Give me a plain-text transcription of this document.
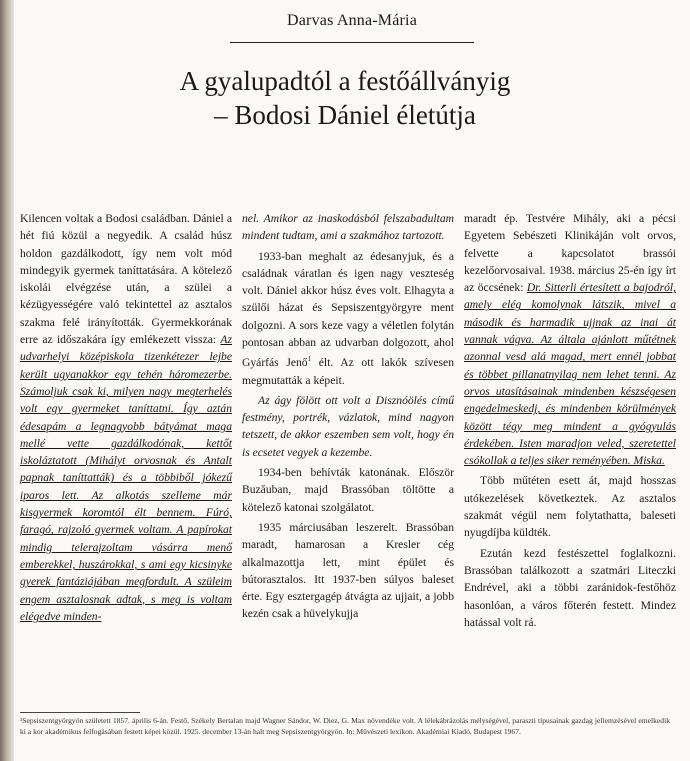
Darvas Anna-Mária
A gyalupadtól a festőállványig
– Bodosi Dániel életútja

Kilencen voltak a Bodosi családban. Dániel a hét fiú közül a negyedik. A család húsz holdon gazdálkodott, így nem volt mód mindegyik gyermek taníttatására. A kötelező iskolái elvégzése után, a szülei a kézügyességére való tekintettel az asztalos szakma felé irányították. Gyermekkorának erre az időszakára így emlékezett vissza: Az udvarhelyi középiskola tizenkétezer lejbe került ugyanakkor egy tehén háromezerbe. Számoljuk csak ki, milyen nagy megterhelés volt egy gyermeket taníttatni. Így aztán édesapám a legnagyobb bátyámat maga mellé vette gazdálkodónak, kettőt iskoláztatott (Mihályt orvosnak és Antalt papnak taníttatták) és a többiből jókezű iparos lett. Az alkotás szelleme már kisgyermek koromtól élt bennem. Fúró, faragó, rajzoló gyermek voltam. A papírokat mindig telerajzoltam vásárra menő emberekkel, huszárokkal, s ami egy kicsinyke gyerek fantáziájában megfordult. A szüleim engem asztalosnak adtak, s meg is voltam elégedve minden-

nel. Amikor az inaskodásból felszabadultam mindent tudtam, ami a szakmához tartozott.

1933-ban meghalt az édesanyjuk, és a családnak váratlan és igen nagy veszteség volt. Dániel akkor húsz éves volt. Elhagyta a szülői házat és Sepsiszentgyörgyre ment dolgozni. A sors keze vagy a véletlen folytán pontosan abban az udvarban dolgozott, ahol Gyárfás Jenő$^1$ élt. Az ott lakók szívesen megmutatták a képeit.

Az ágy fölött ott volt a Disznóölés című festmény, portrék, vázlatok, mind nagyon tetszett, de akkor eszemben sem volt, hogy én is ecsetet vegyek a kezembe.

1934-ben behívták katonának. Először Buzăuban, majd Brassóban töltötte a kötelező katonai szolgálatot.

1935 márciusában leszerelt. Brassóban maradt, hamarosan a Kresler cég alkalmazottja lett, mint épület és bútorasztalos. Itt 1937-ben súlyos baleset érte. Egy esztergagép átvágta az ujjait, a jobb kezén csak a hüvelykujja

maradt ép. Testvére Mihály, aki a pécsi Egyetem Sebészeti Klinikáján volt orvos, felvette a kapcsolatot brassói kezelőorvosaival. 1938. március 25-én így írt az öccsének: Dr. Sitterli értesített a bajodról, amely elég komolynak látszik, mivel a második és harmadik ujjnak az inai át vannak vágva. Az általa ajánlott műtétnek azonnal vesd alá magad, mert ennél jobbat és többet pillanatnyilag nem lehet tenni. Az orvos utasításainak mindenben készségesen engedelmeskedj, és mindenben körülmények között tégy meg mindent a gyógyulás érdekében. Isten maradjon veled, szeretettel csókollak a teljes siker reményében. Miska.

Több műtéten esett át, majd hosszas utókezelések következtek. Az asztalos szakmát végül nem folytathatta, baleseti nyugdíjba küldték.

Ezután kezd festészettel foglalkozni. Brassóban találkozott a szatmári Liteczki Endrével, aki a többi zaránidok-festőhöz hasonlóan, a város főterén festett. Mindez hatással volt rá.

¹Sepsiszentgyörgyön született 1857. április 6-án. Festő, Székely Bertalan majd Wagner Sándor, W. Diez, G. Max növendéke volt. A lélekábrázolás mélységével, paraszti típusainak gazdag jellemzésével emelkedik ki a kor akadémikus felfogásában festett képei közül. 1925. december 13-án halt meg Sepsiszentgyörgyön. In: Művészeti lexikon. Akadémiai Kiadó, Budapest 1967.
